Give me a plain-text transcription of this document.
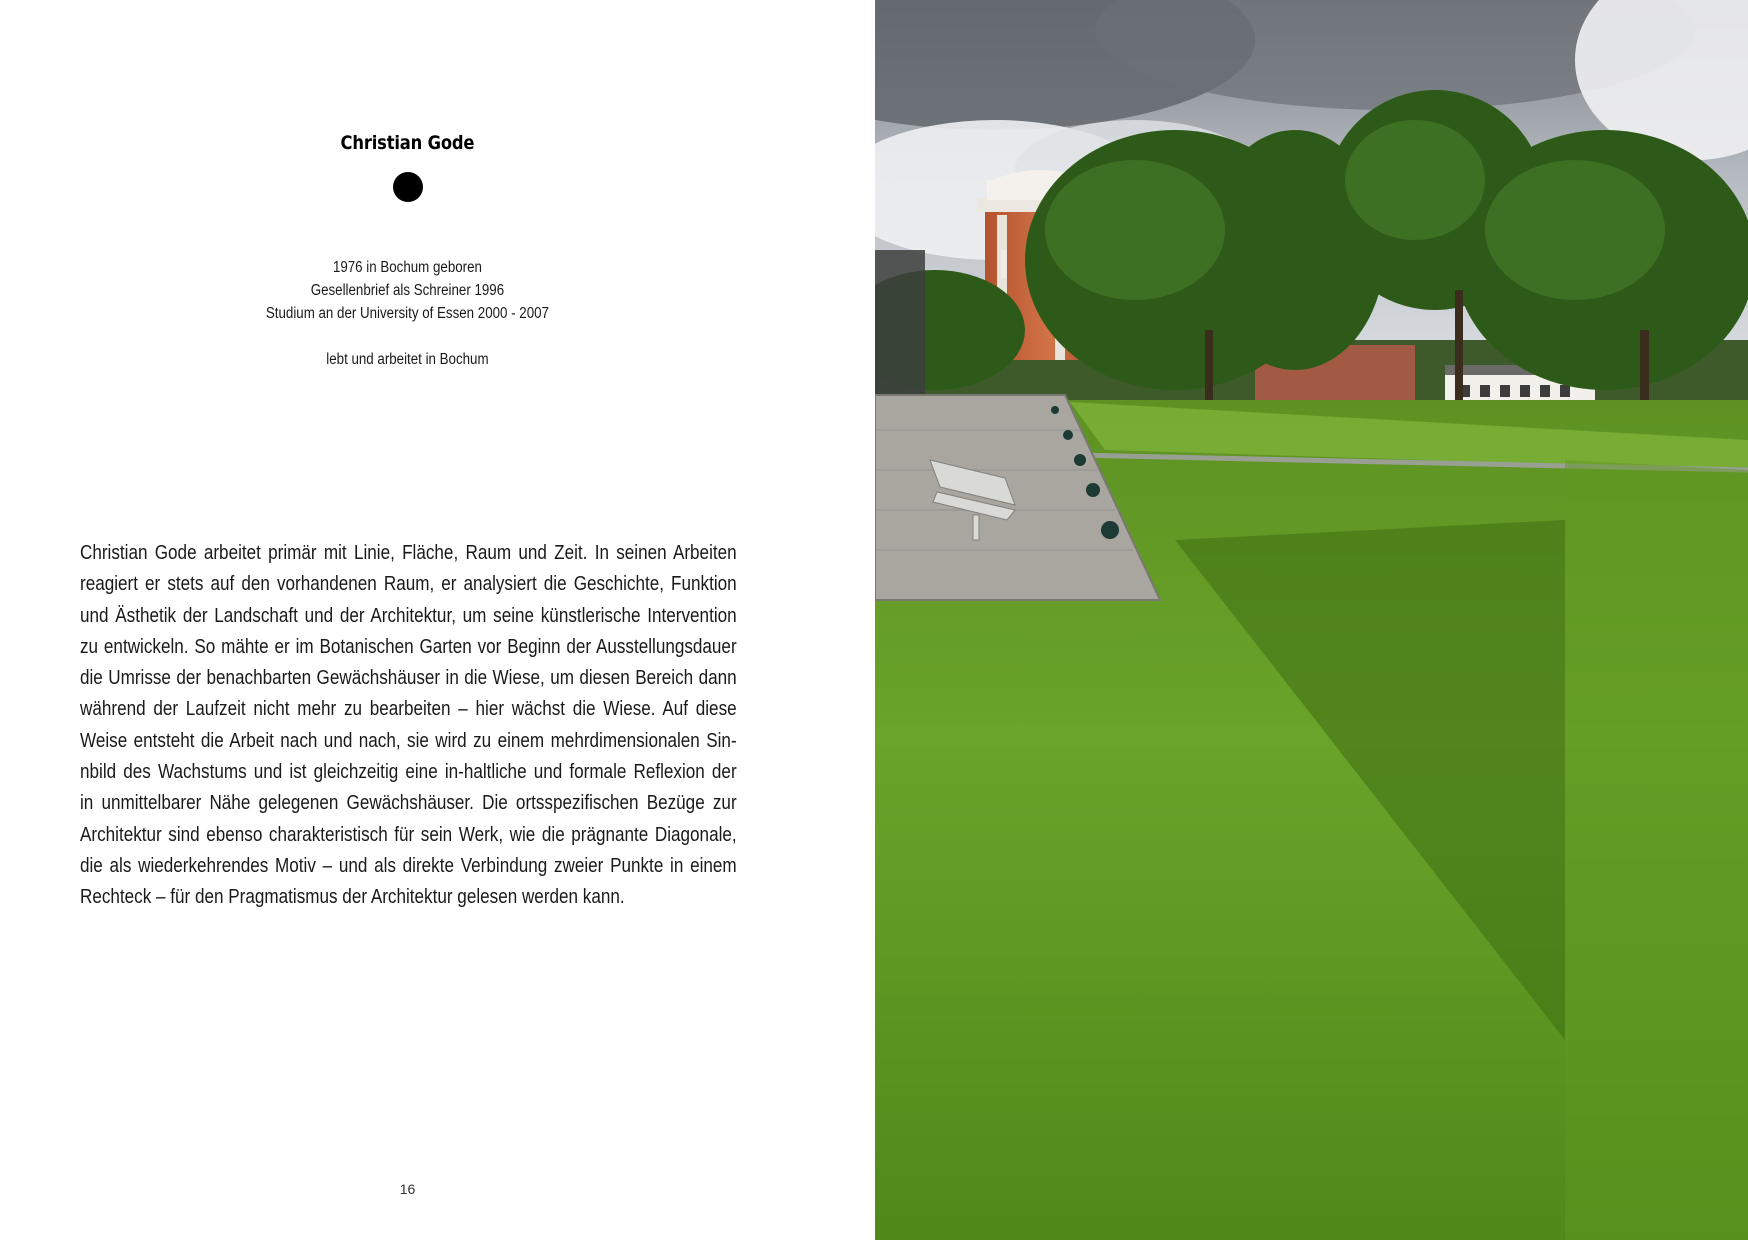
Christian Gode
1976 in Bochum geboren
Gesellenbrief als Schreiner 1996
Studium an der University of Essen 2000 - 2007
lebt und arbeitet in Bochum
Christian Gode arbeitet primär mit Linie, Fläche, Raum und Zeit. In seinen Arbeiten
reagiert er stets auf den vorhandenen Raum, er analysiert die Geschichte, Funktion
und Ästhetik der Landschaft und der Architektur, um seine künstlerische Intervention
zu entwickeln. So mähte er im Botanischen Garten vor Beginn der Ausstellungsdauer
die Umrisse der benachbarten Gewächshäuser in die Wiese, um diesen Bereich dann
während der Laufzeit nicht mehr zu bearbeiten – hier wächst die Wiese. Auf diese
Weise entsteht die Arbeit nach und nach, sie wird zu einem mehrdimensionalen Sin-
nbild des Wachstums und ist gleichzeitig eine in-haltliche und formale Reflexion der
in unmittelbarer Nähe gelegenen Gewächshäuser. Die ortsspezifischen Bezüge zur
Architektur sind ebenso charakteristisch für sein Werk, wie die prägnante Diagonale,
die als wiederkehrendes Motiv – und als direkte Verbindung zweier Punkte in einem
Rechteck – für den Pragmatismus der Architektur gelesen werden kann.
16
